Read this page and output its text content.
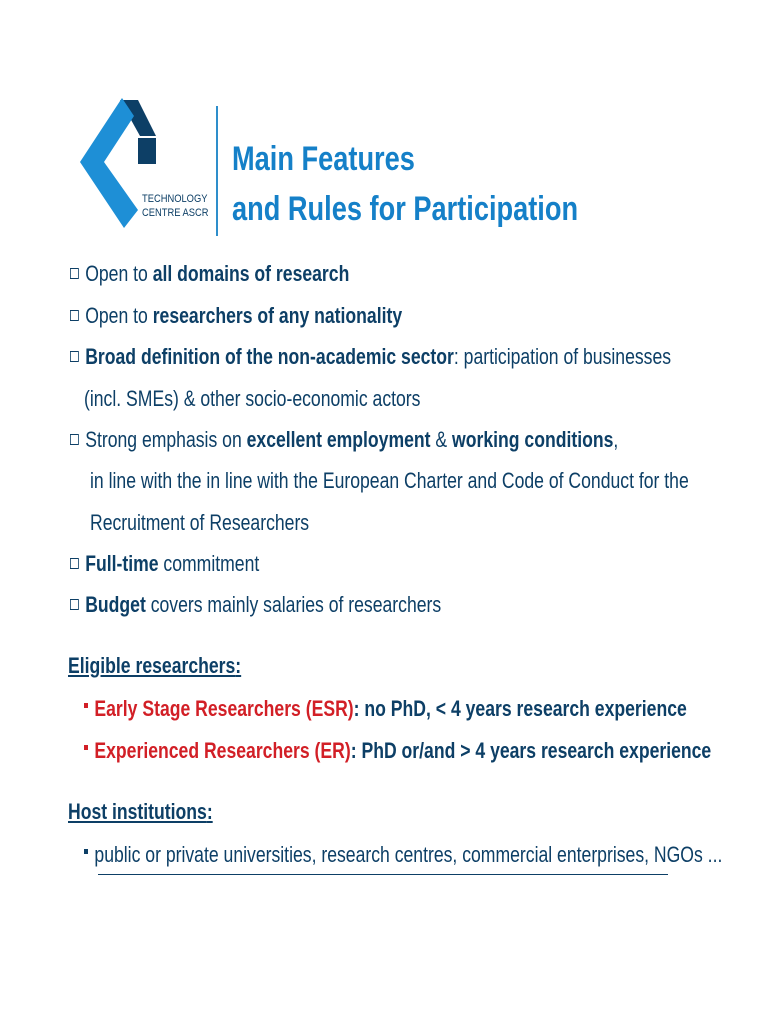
TECHNOLOGY
CENTRE ASCR
Main Features
and Rules for Participation
Open to all domains of research
Open to researchers of any nationality
Broad definition of the non-academic sector: participation of businesses
(incl. SMEs) & other socio-economic actors
Strong emphasis on excellent employment & working conditions,
in line with the in line with the European Charter and Code of Conduct for the
Recruitment of Researchers
Full-time commitment
Budget covers mainly salaries of researchers
Eligible researchers:
Early Stage Researchers (ESR): no PhD, < 4 years research experience
Experienced Researchers (ER): PhD or/and > 4 years research experience
Host institutions:
public or private universities, research centres, commercial enterprises, NGOs ...
